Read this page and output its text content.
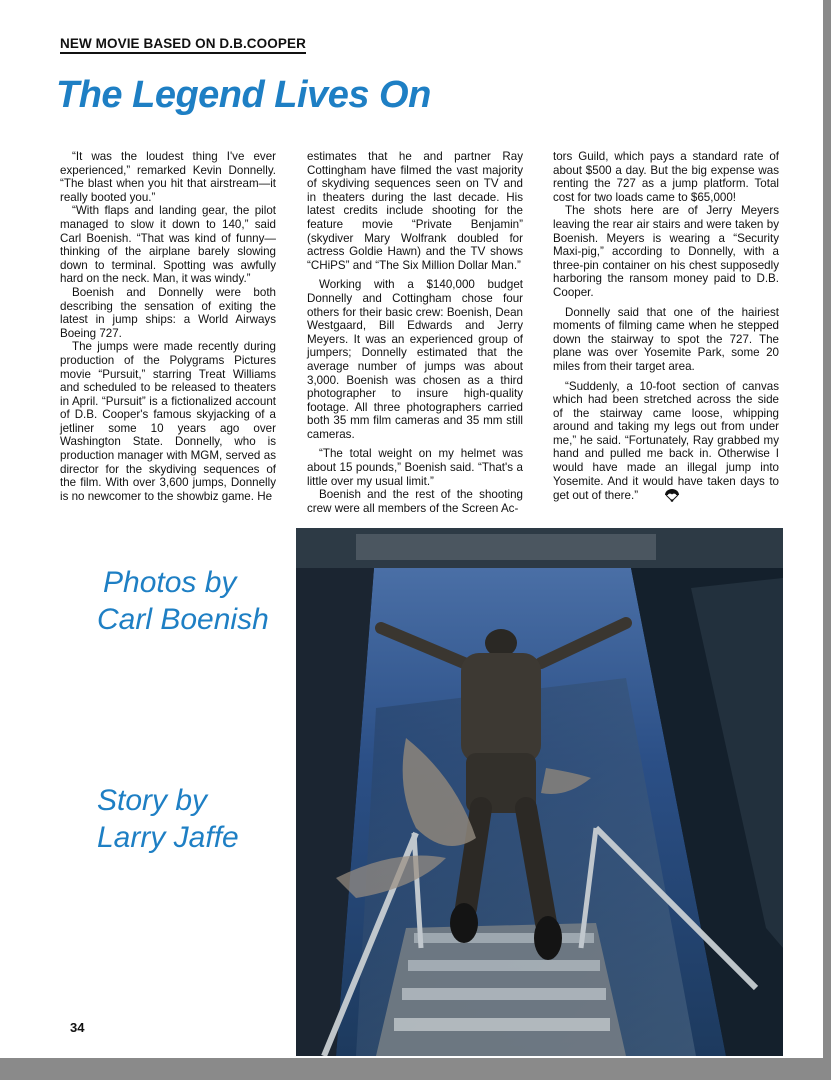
NEW MOVIE BASED ON D.B.COOPER
The Legend Lives On

“It was the loudest thing I've ever experienced,” remarked Kevin Donnelly. “The blast when you hit that airstream—it really booted you.”

“With flaps and landing gear, the pilot managed to slow it down to 140,” said Carl Boenish. “That was kind of funny—thinking of the airplane barely slowing down to terminal. Spotting was awfully hard on the neck. Man, it was windy.”

Boenish and Donnelly were both describing the sensation of exiting the latest in jump ships: a World Airways Boeing 727.

The jumps were made recently during production of the Polygrams Pictures movie “Pursuit,” starring Treat Williams and scheduled to be released to theaters in April. “Pursuit” is a fictionalized account of D.B. Cooper's famous skyjacking of a jetliner some 10 years ago over Washington State. Donnelly, who is production manager with MGM, served as director for the skydiving sequences of the film. With over 3,600 jumps, Donnelly is no newcomer to the showbiz game. He

estimates that he and partner Ray Cottingham have filmed the vast majority of skydiving sequences seen on TV and in theaters during the last decade. His latest credits include shooting for the feature movie “Private Benjamin” (skydiver Mary Wolfrank doubled for actress Goldie Hawn) and the TV shows “CHiPS” and “The Six Million Dollar Man.”

Working with a $140,000 budget Donnelly and Cottingham chose four others for their basic crew: Boenish, Dean Westgaard, Bill Edwards and Jerry Meyers. It was an experienced group of jumpers; Donnelly estimated that the average number of jumps was about 3,000. Boenish was chosen as a third photographer to insure high-quality footage. All three photographers carried both 35 mm film cameras and 35 mm still cameras.

“The total weight on my helmet was about 15 pounds,” Boenish said. “That's a little over my usual limit.”

Boenish and the rest of the shooting crew were all members of the Screen Ac-

tors Guild, which pays a standard rate of about $500 a day. But the big expense was renting the 727 as a jump platform. Total cost for two loads came to $65,000!

The shots here are of Jerry Meyers leaving the rear air stairs and were taken by Boenish. Meyers is wearing a “Security Maxi-pig,” according to Donnelly, with a three-pin container on his chest supposedly harboring the ransom money paid to D.B. Cooper.

Donnelly said that one of the hairiest moments of filming came when he stepped down the stairway to spot the 727. The plane was over Yosemite Park, some 20 miles from their target area.

“Suddenly, a 10-foot section of canvas which had been stretched across the side of the stairway came loose, whipping around and taking my legs out from under me,” he said. “Fortunately, Ray grabbed my hand and pulled me back in. Otherwise I would have made an illegal jump into Yosemite. And it would have taken days to get out of there.”

Photos by
Carl Boenish
Story by
Larry Jaffe
34
